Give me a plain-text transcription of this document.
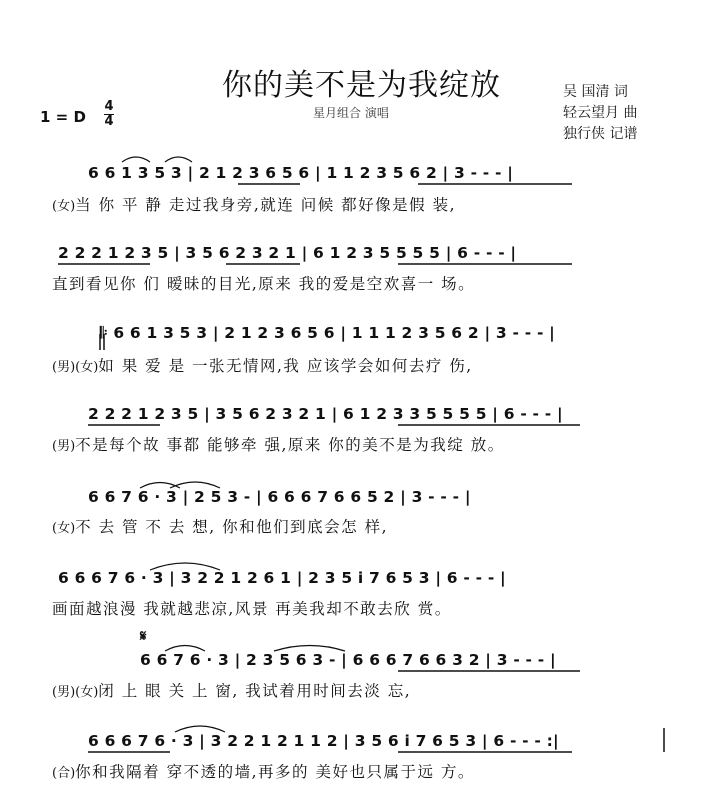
你的美不是为我绽放
星月组合 演唱
吴 国清 词
轻云望月 曲
独行侠 记谱
1 = D
4
4
6 6 1 3 5 3 | 2 1 2 3 6 5 6 | 1 1 2 3 5 6 2 | 3 - - - |
(女)当 你 平 静 走过我身旁,就连 问候 都好像是假 装,
2 2 2 1 2 3 5 | 3 5 6 2 3 2 1 | 6 1 2 3 5 5 5 5 | 6 - - - |
直到看见你 们 暧昧的目光,原来 我的爱是空欢喜一 场。
𝄆 6 6 1 3 5 3 | 2 1 2 3 6 5 6 | 1 1 1 2 3 5 6 2 | 3 - - - |
(男)(女)如 果 爱 是 一张无情网,我 应该学会如何去疗 伤,
2 2 2 1 2 3 5 | 3 5 6 2 3 2 1 | 6 1 2 3 3 5 5 5 5 | 6 - - - |
(男)不是每个故 事都 能够牵 强,原来 你的美不是为我绽 放。
6 6 7 6 · 3 | 2 5 3 - | 6 6 6 7 6 6 5 2 | 3 - - - |
(女)不 去 管 不 去 想, 你和他们到底会怎 样,
6 6 6 7 6 · 3 | 3 2 2 1 2 6 1 | 2 3 5 i 7 6 5 3 | 6 - - - |
画面越浪漫 我就越悲凉,风景 再美我却不敢去欣 赏。
𝄋
6 6 7 6 · 3 | 2 3 5 6 3 - | 6 6 6 7 6 6 3 2 | 3 - - - |
(男)(女)闭 上 眼 关 上 窗, 我试着用时间去淡 忘,
6 6 6 7 6 · 3 | 3 2 2 1 2 1 1 2 | 3 5 6 i 7 6 5 3 | 6 - - - :|
(合)你和我隔着 穿不透的墙,再多的 美好也只属于远 方。
